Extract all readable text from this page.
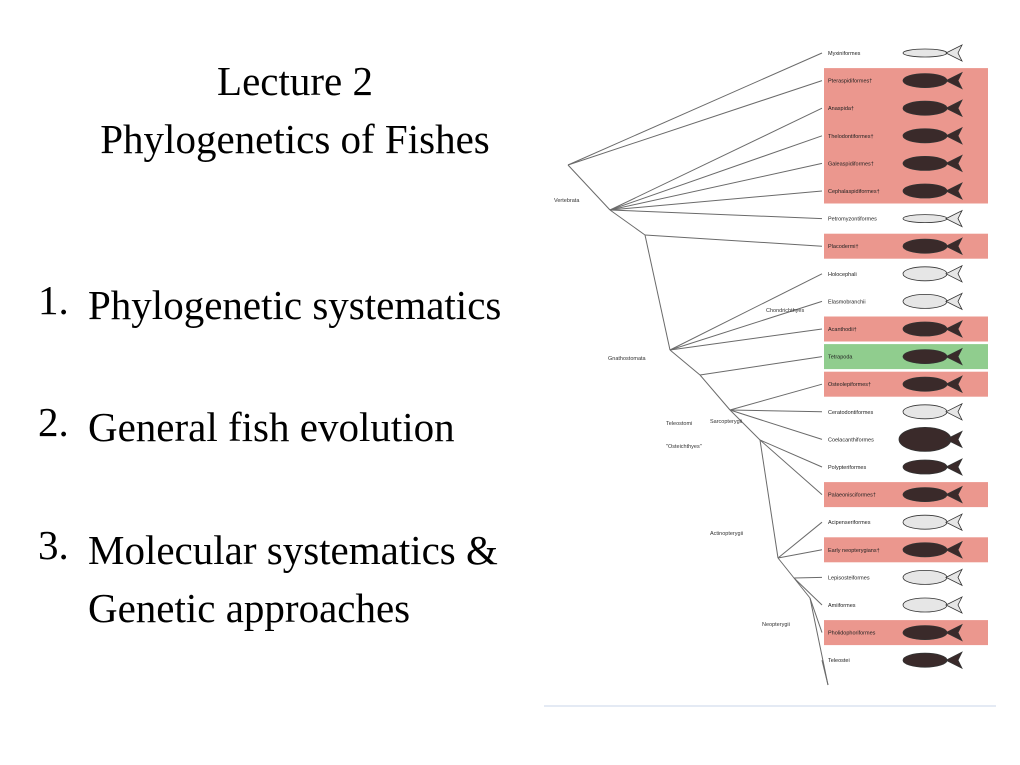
Lecture 2
Phylogenetics of Fishes
1. Phylogenetic systematics
2. General fish evolution
3. Molecular systematics &
Genetic approaches
Vertebrata
Chondrichthyes
Gnathostomata
Teleostomi	Sarcopterygii
"Osteichthyes"
Actinopterygii
Neopterygii
Myxiniformes
Pteraspidiformes†
Anaspida†
Thelodontiformes†
Galeaspidiformes†
Cephalaspidiformes†
Petromyzontiformes
Placodermi†
Holocephali
Elasmobranchii
Acanthodii†
Tetrapoda
Osteolepiformes†
Ceratodontiformes
Coelacanthiformes
Polypteriformes
Palaeonisciformes†
Acipenseriformes
Early neopterygians†
Lepisosteiformes
Amiiformes
Pholidophoriformes
Teleostei
